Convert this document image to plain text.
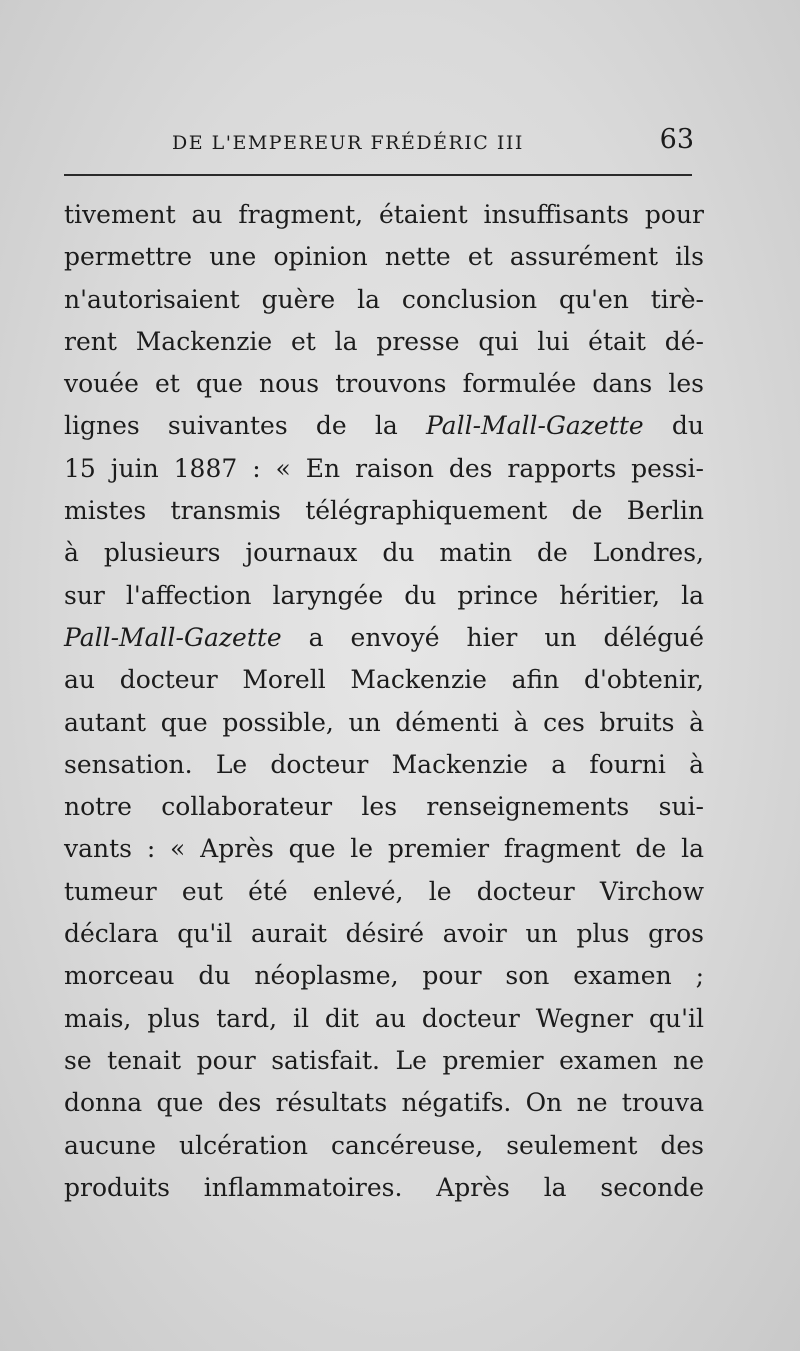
DE L'EMPEREUR FRÉDÉRIC III	63
tivement au fragment, étaient insuffisants pour
permettre une opinion nette et assurément ils
n'autorisaient guère la conclusion qu'en tirè-
rent Mackenzie et la presse qui lui était dé-
vouée et que nous trouvons formulée dans les
lignes suivantes de la Pall-Mall-Gazette du
15 juin 1887 : « En raison des rapports pessi-
mistes transmis télégraphiquement de Berlin
à plusieurs journaux du matin de Londres,
sur l'affection laryngée du prince héritier, la
Pall-Mall-Gazette a envoyé hier un délégué
au docteur Morell Mackenzie afin d'obtenir,
autant que possible, un démenti à ces bruits à
sensation. Le docteur Mackenzie a fourni à
notre collaborateur les renseignements sui-
vants : « Après que le premier fragment de la
tumeur eut été enlevé, le docteur Virchow
déclara qu'il aurait désiré avoir un plus gros
morceau du néoplasme, pour son examen ;
mais, plus tard, il dit au docteur Wegner qu'il
se tenait pour satisfait. Le premier examen ne
donna que des résultats négatifs. On ne trouva
aucune ulcération cancéreuse, seulement des
produits inflammatoires. Après la seconde
